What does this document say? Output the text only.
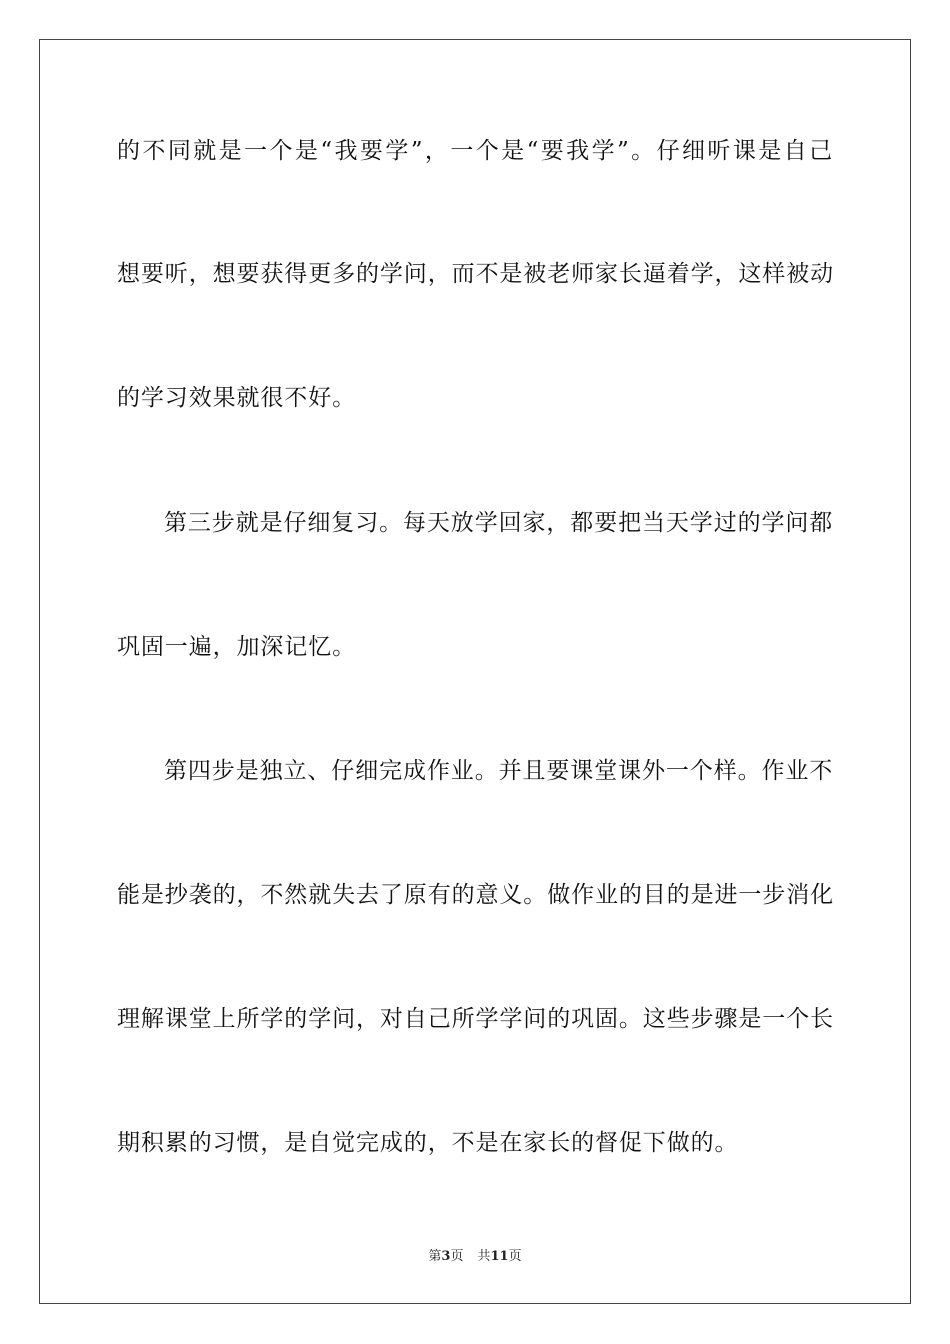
的不同就是一个是“我要学”，一个是“要我学”。仔细听课是自己
想要听，想要获得更多的学问，而不是被老师家长逼着学，这样被动
的学习效果就很不好。
第三步就是仔细复习。每天放学回家，都要把当天学过的学问都
巩固一遍，加深记忆。
第四步是独立、仔细完成作业。并且要课堂课外一个样。作业不
能是抄袭的，不然就失去了原有的意义。做作业的目的是进一步消化
理解课堂上所学的学问，对自己所学学问的巩固。这些步骤是一个长
期积累的习惯，是自觉完成的，不是在家长的督促下做的。
第3页 共11页
